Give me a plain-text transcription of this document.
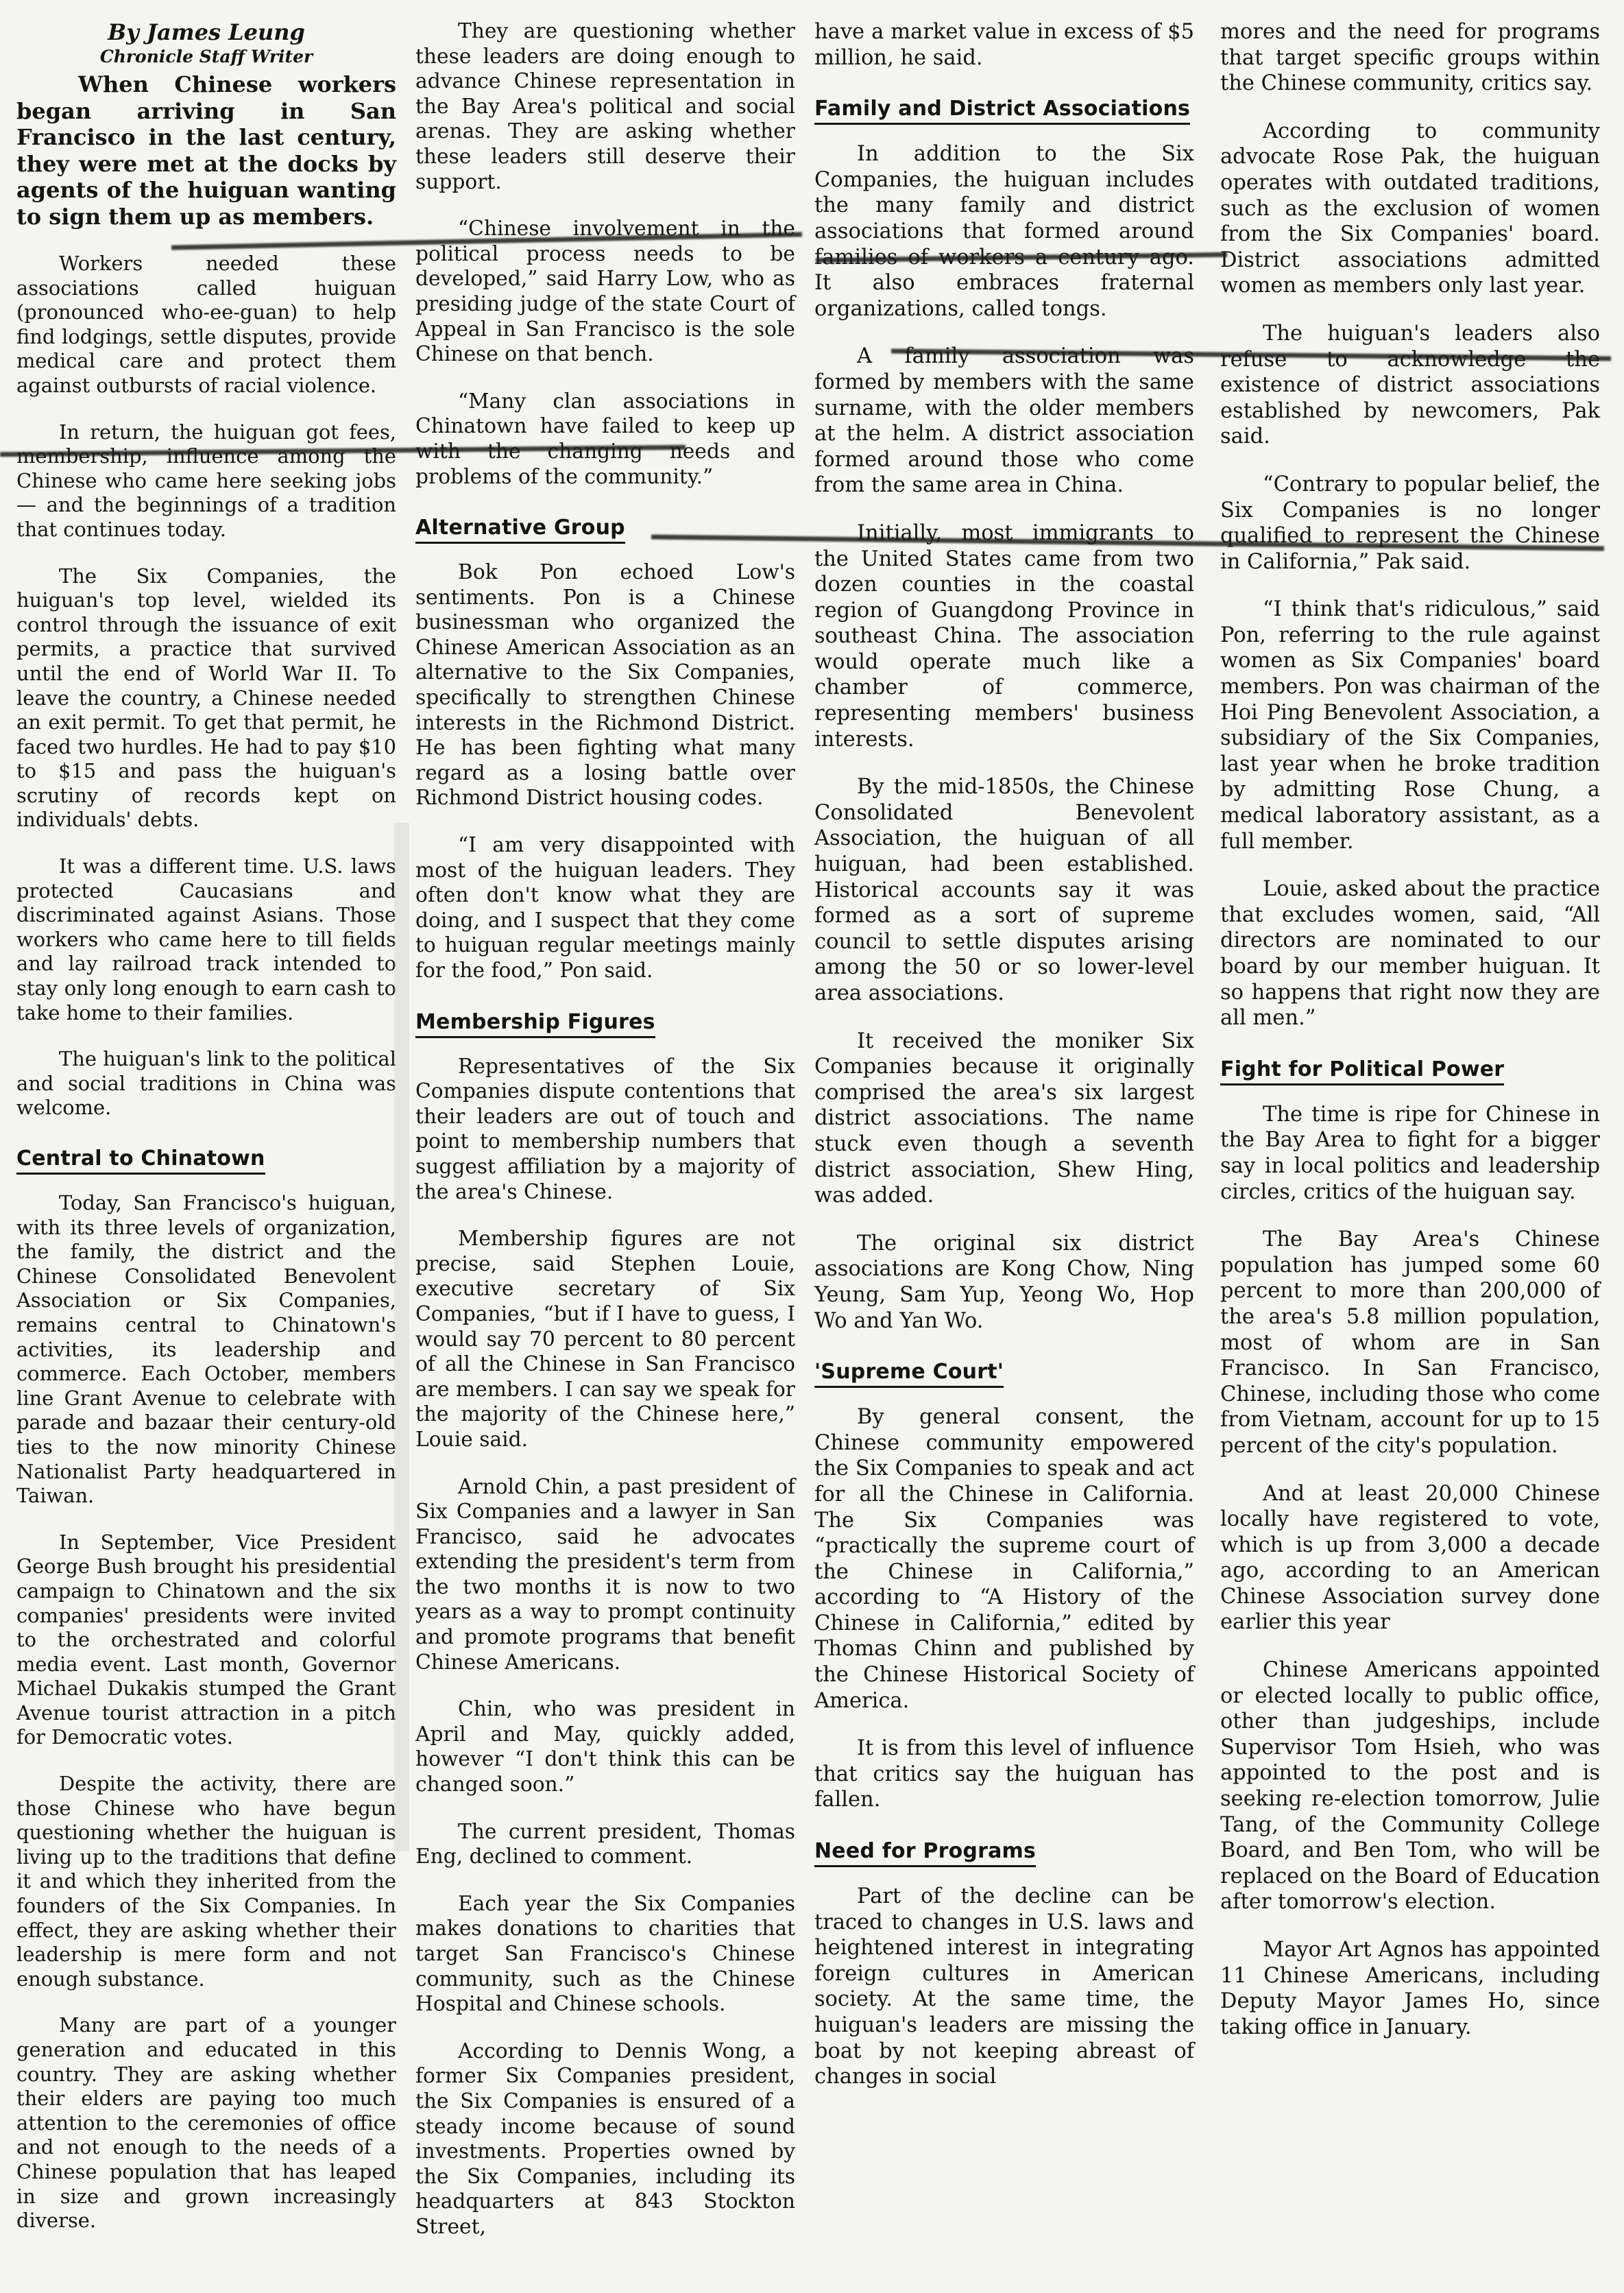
By James Leung
Chronicle Staff Writer

When Chinese workers began arriving in San Francisco in the last century, they were met at the docks by agents of the huiguan wanting to sign them up as members.

Workers needed these associations called huiguan (pronounced who-ee-guan) to help find lodgings, settle disputes, provide medical care and protect them against outbursts of racial violence.

In return, the huiguan got fees, membership, influence among the Chinese who came here seeking jobs — and the beginnings of a tradition that continues today.

The Six Companies, the huiguan's top level, wielded its control through the issuance of exit permits, a practice that survived until the end of World War II. To leave the country, a Chinese needed an exit permit. To get that permit, he faced two hurdles. He had to pay $10 to $15 and pass the huiguan's scrutiny of records kept on individuals' debts.

It was a different time. U.S. laws protected Caucasians and discriminated against Asians. Those workers who came here to till fields and lay railroad track intended to stay only long enough to earn cash to take home to their families.

The huiguan's link to the political and social traditions in China was welcome.

Central to Chinatown

Today, San Francisco's huiguan, with its three levels of organization, the family, the district and the Chinese Consolidated Benevolent Association or Six Companies, remains central to Chinatown's activities, its leadership and commerce. Each October, members line Grant Avenue to celebrate with parade and bazaar their century-old ties to the now minority Chinese Nationalist Party headquartered in Taiwan.

In September, Vice President George Bush brought his presidential campaign to Chinatown and the six companies' presidents were invited to the orchestrated and colorful media event. Last month, Governor Michael Dukakis stumped the Grant Avenue tourist attraction in a pitch for Democratic votes.

Despite the activity, there are those Chinese who have begun questioning whether the huiguan is living up to the traditions that define it and which they inherited from the founders of the Six Companies. In effect, they are asking whether their leadership is mere form and not enough substance.

Many are part of a younger generation and educated in this country. They are asking whether their elders are paying too much attention to the ceremonies of office and not enough to the needs of a Chinese population that has leaped in size and grown increasingly diverse.

They are questioning whether these leaders are doing enough to advance Chinese representation in the Bay Area's political and social arenas. They are asking whether these leaders still deserve their support.

“Chinese involvement in the political process needs to be developed,” said Harry Low, who as presiding judge of the state Court of Appeal in San Francisco is the sole Chinese on that bench.

“Many clan associations in Chinatown have failed to keep up with the changing needs and problems of the community.”

Alternative Group

Bok Pon echoed Low's sentiments. Pon is a Chinese businessman who organized the Chinese American Association as an alternative to the Six Companies, specifically to strengthen Chinese interests in the Richmond District. He has been fighting what many regard as a losing battle over Richmond District housing codes.

“I am very disappointed with most of the huiguan leaders. They often don't know what they are doing, and I suspect that they come to huiguan regular meetings mainly for the food,” Pon said.

Membership Figures

Representatives of the Six Companies dispute contentions that their leaders are out of touch and point to membership numbers that suggest affiliation by a majority of the area's Chinese.

Membership figures are not precise, said Stephen Louie, executive secretary of Six Companies, “but if I have to guess, I would say 70 percent to 80 percent of all the Chinese in San Francisco are members. I can say we speak for the majority of the Chinese here,” Louie said.

Arnold Chin, a past president of Six Companies and a lawyer in San Francisco, said he advocates extending the president's term from the two months it is now to two years as a way to prompt continuity and promote programs that benefit Chinese Americans.

Chin, who was president in April and May, quickly added, however “I don't think this can be changed soon.”

The current president, Thomas Eng, declined to comment.

Each year the Six Companies makes donations to charities that target San Francisco's Chinese community, such as the Chinese Hospital and Chinese schools.

According to Dennis Wong, a former Six Companies president, the Six Companies is ensured of a steady income because of sound investments. Properties owned by the Six Companies, including its headquarters at 843 Stockton Street,

have a market value in excess of $5 million, he said.

Family and District Associations

In addition to the Six Companies, the huiguan includes the many family and district associations that formed around families of workers a century ago. It also embraces fraternal organizations, called tongs.

A family association was formed by members with the same surname, with the older members at the helm. A district association formed around those who come from the same area in China.

Initially, most immigrants to the United States came from two dozen counties in the coastal region of Guangdong Province in southeast China. The association would operate much like a chamber of commerce, representing members' business interests.

By the mid-1850s, the Chinese Consolidated Benevolent Association, the huiguan of all huiguan, had been established. Historical accounts say it was formed as a sort of supreme council to settle disputes arising among the 50 or so lower-level area associations.

It received the moniker Six Companies because it originally comprised the area's six largest district associations. The name stuck even though a seventh district association, Shew Hing, was added.

The original six district associations are Kong Chow, Ning Yeung, Sam Yup, Yeong Wo, Hop Wo and Yan Wo.

'Supreme Court'

By general consent, the Chinese community empowered the Six Companies to speak and act for all the Chinese in California. The Six Companies was “practically the supreme court of the Chinese in California,” according to “A History of the Chinese in California,” edited by Thomas Chinn and published by the Chinese Historical Society of America.

It is from this level of influence that critics say the huiguan has fallen.

Need for Programs

Part of the decline can be traced to changes in U.S. laws and heightened interest in integrating foreign cultures in American society. At the same time, the huiguan's leaders are missing the boat by not keeping abreast of changes in social

mores and the need for programs that target specific groups within the Chinese community, critics say.

According to community advocate Rose Pak, the huiguan operates with outdated traditions, such as the exclusion of women from the Six Companies' board. District associations admitted women as members only last year.

The huiguan's leaders also refuse to acknowledge the existence of district associations established by newcomers, Pak said.

“Contrary to popular belief, the Six Companies is no longer qualified to represent the Chinese in California,” Pak said.

“I think that's ridiculous,” said Pon, referring to the rule against women as Six Companies' board members. Pon was chairman of the Hoi Ping Benevolent Association, a subsidiary of the Six Companies, last year when he broke tradition by admitting Rose Chung, a medical laboratory assistant, as a full member.

Louie, asked about the practice that excludes women, said, “All directors are nominated to our board by our member huiguan. It so happens that right now they are all men.”

Fight for Political Power

The time is ripe for Chinese in the Bay Area to fight for a bigger say in local politics and leadership circles, critics of the huiguan say.

The Bay Area's Chinese population has jumped some 60 percent to more than 200,000 of the area's 5.8 million population, most of whom are in San Francisco. In San Francisco, Chinese, including those who come from Vietnam, account for up to 15 percent of the city's population.

And at least 20,000 Chinese locally have registered to vote, which is up from 3,000 a decade ago, according to an American Chinese Association survey done earlier this year

Chinese Americans appointed or elected locally to public office, other than judgeships, include Supervisor Tom Hsieh, who was appointed to the post and is seeking re-election tomorrow, Julie Tang, of the Community College Board, and Ben Tom, who will be replaced on the Board of Education after tomorrow's election.

Mayor Art Agnos has appointed 11 Chinese Americans, including Deputy Mayor James Ho, since taking office in January.
